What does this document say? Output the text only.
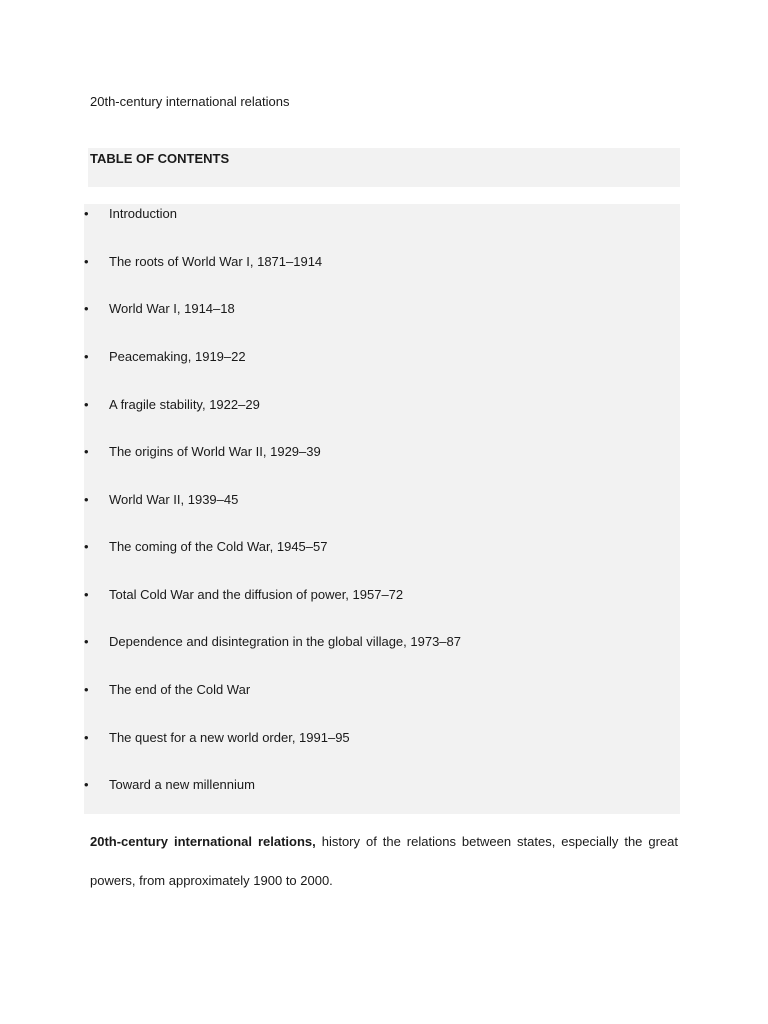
20th-century international relations
TABLE OF CONTENTS
•	Introduction
•	The roots of World War I, 1871–1914
•	World War I, 1914–18
•	Peacemaking, 1919–22
•	A fragile stability, 1922–29
•	The origins of World War II, 1929–39
•	World War II, 1939–45
•	The coming of the Cold War, 1945–57
•	Total Cold War and the diffusion of power, 1957–72
•	Dependence and disintegration in the global village, 1973–87
•	The end of the Cold War
•	The quest for a new world order, 1991–95
•	Toward a new millennium

20th-century international relations, history of the relations between states, especially the great powers, from approximately 1900 to 2000.
